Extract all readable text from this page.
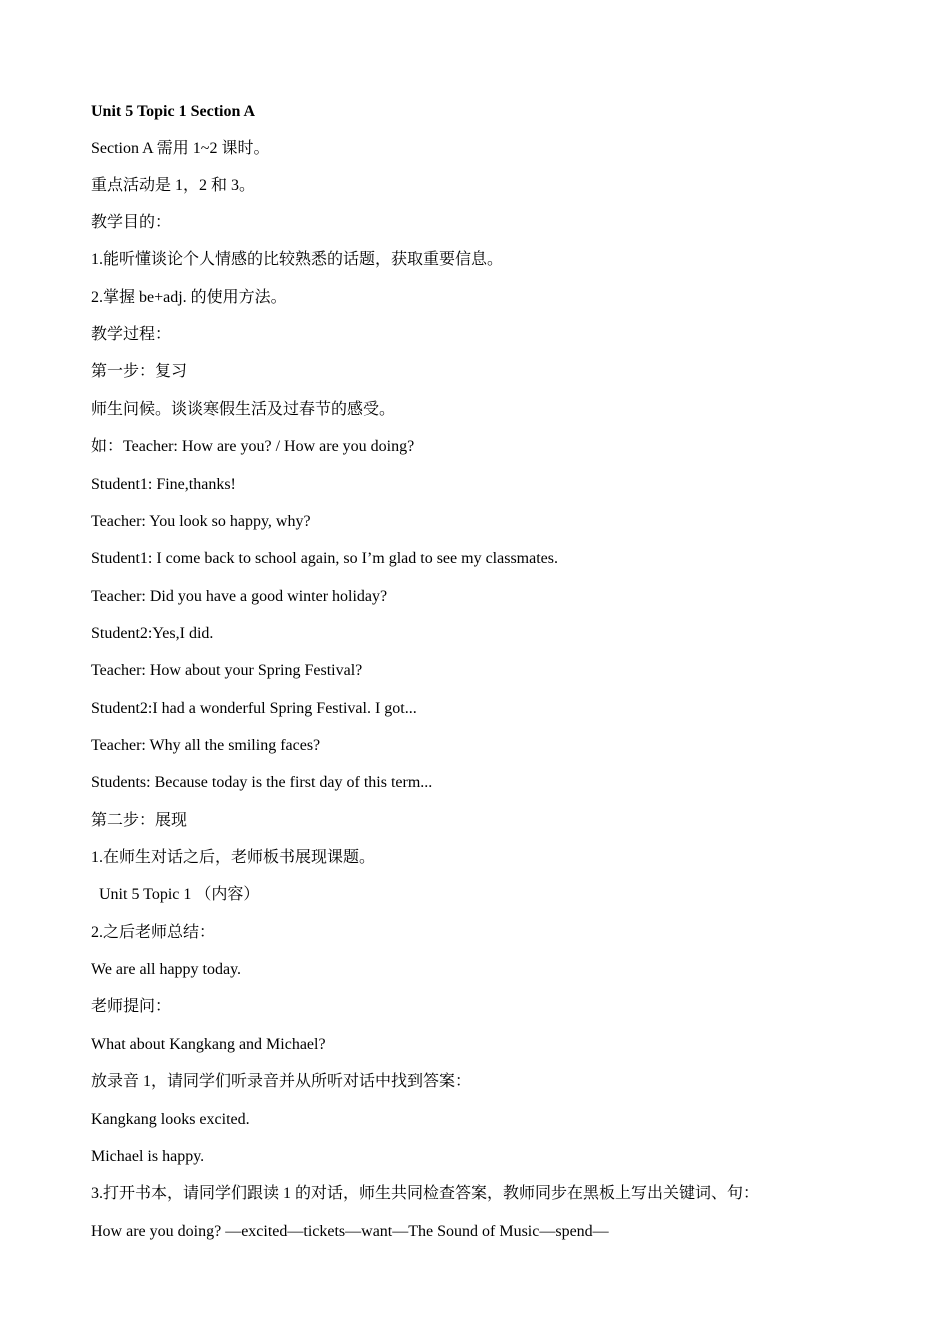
Unit 5 Topic 1 Section A
Section A 需用 1~2 课时。
重点活动是 1，2 和 3。
教学目的：
1.能听懂谈论个人情感的比较熟悉的话题，获取重要信息。
2.掌握 be+adj. 的使用方法。
教学过程：
第一步：复习
师生问候。谈谈寒假生活及过春节的感受。
如：Teacher: How are you? / How are you doing?
Student1: Fine,thanks!
Teacher: You look so happy, why?
Student1: I come back to school again, so I’m glad to see my classmates.
Teacher: Did you have a good winter holiday?
Student2:Yes,I did.
Teacher: How about your Spring Festival?
Student2:I had a wonderful Spring Festival. I got...
Teacher: Why all the smiling faces?
Students: Because today is the first day of this term...
第二步：展现
1.在师生对话之后，老师板书展现课题。
Unit 5 Topic 1 （内容）
2.之后老师总结：
We are all happy today.
老师提问：
What about Kangkang and Michael?
放录音 1，请同学们听录音并从所听对话中找到答案：
Kangkang looks excited.
Michael is happy.
3.打开书本，请同学们跟读 1 的对话，师生共同检查答案，教师同步在黑板上写出关键词、句：
How are you doing? —excited—tickets—want—The Sound of Music—spend—
